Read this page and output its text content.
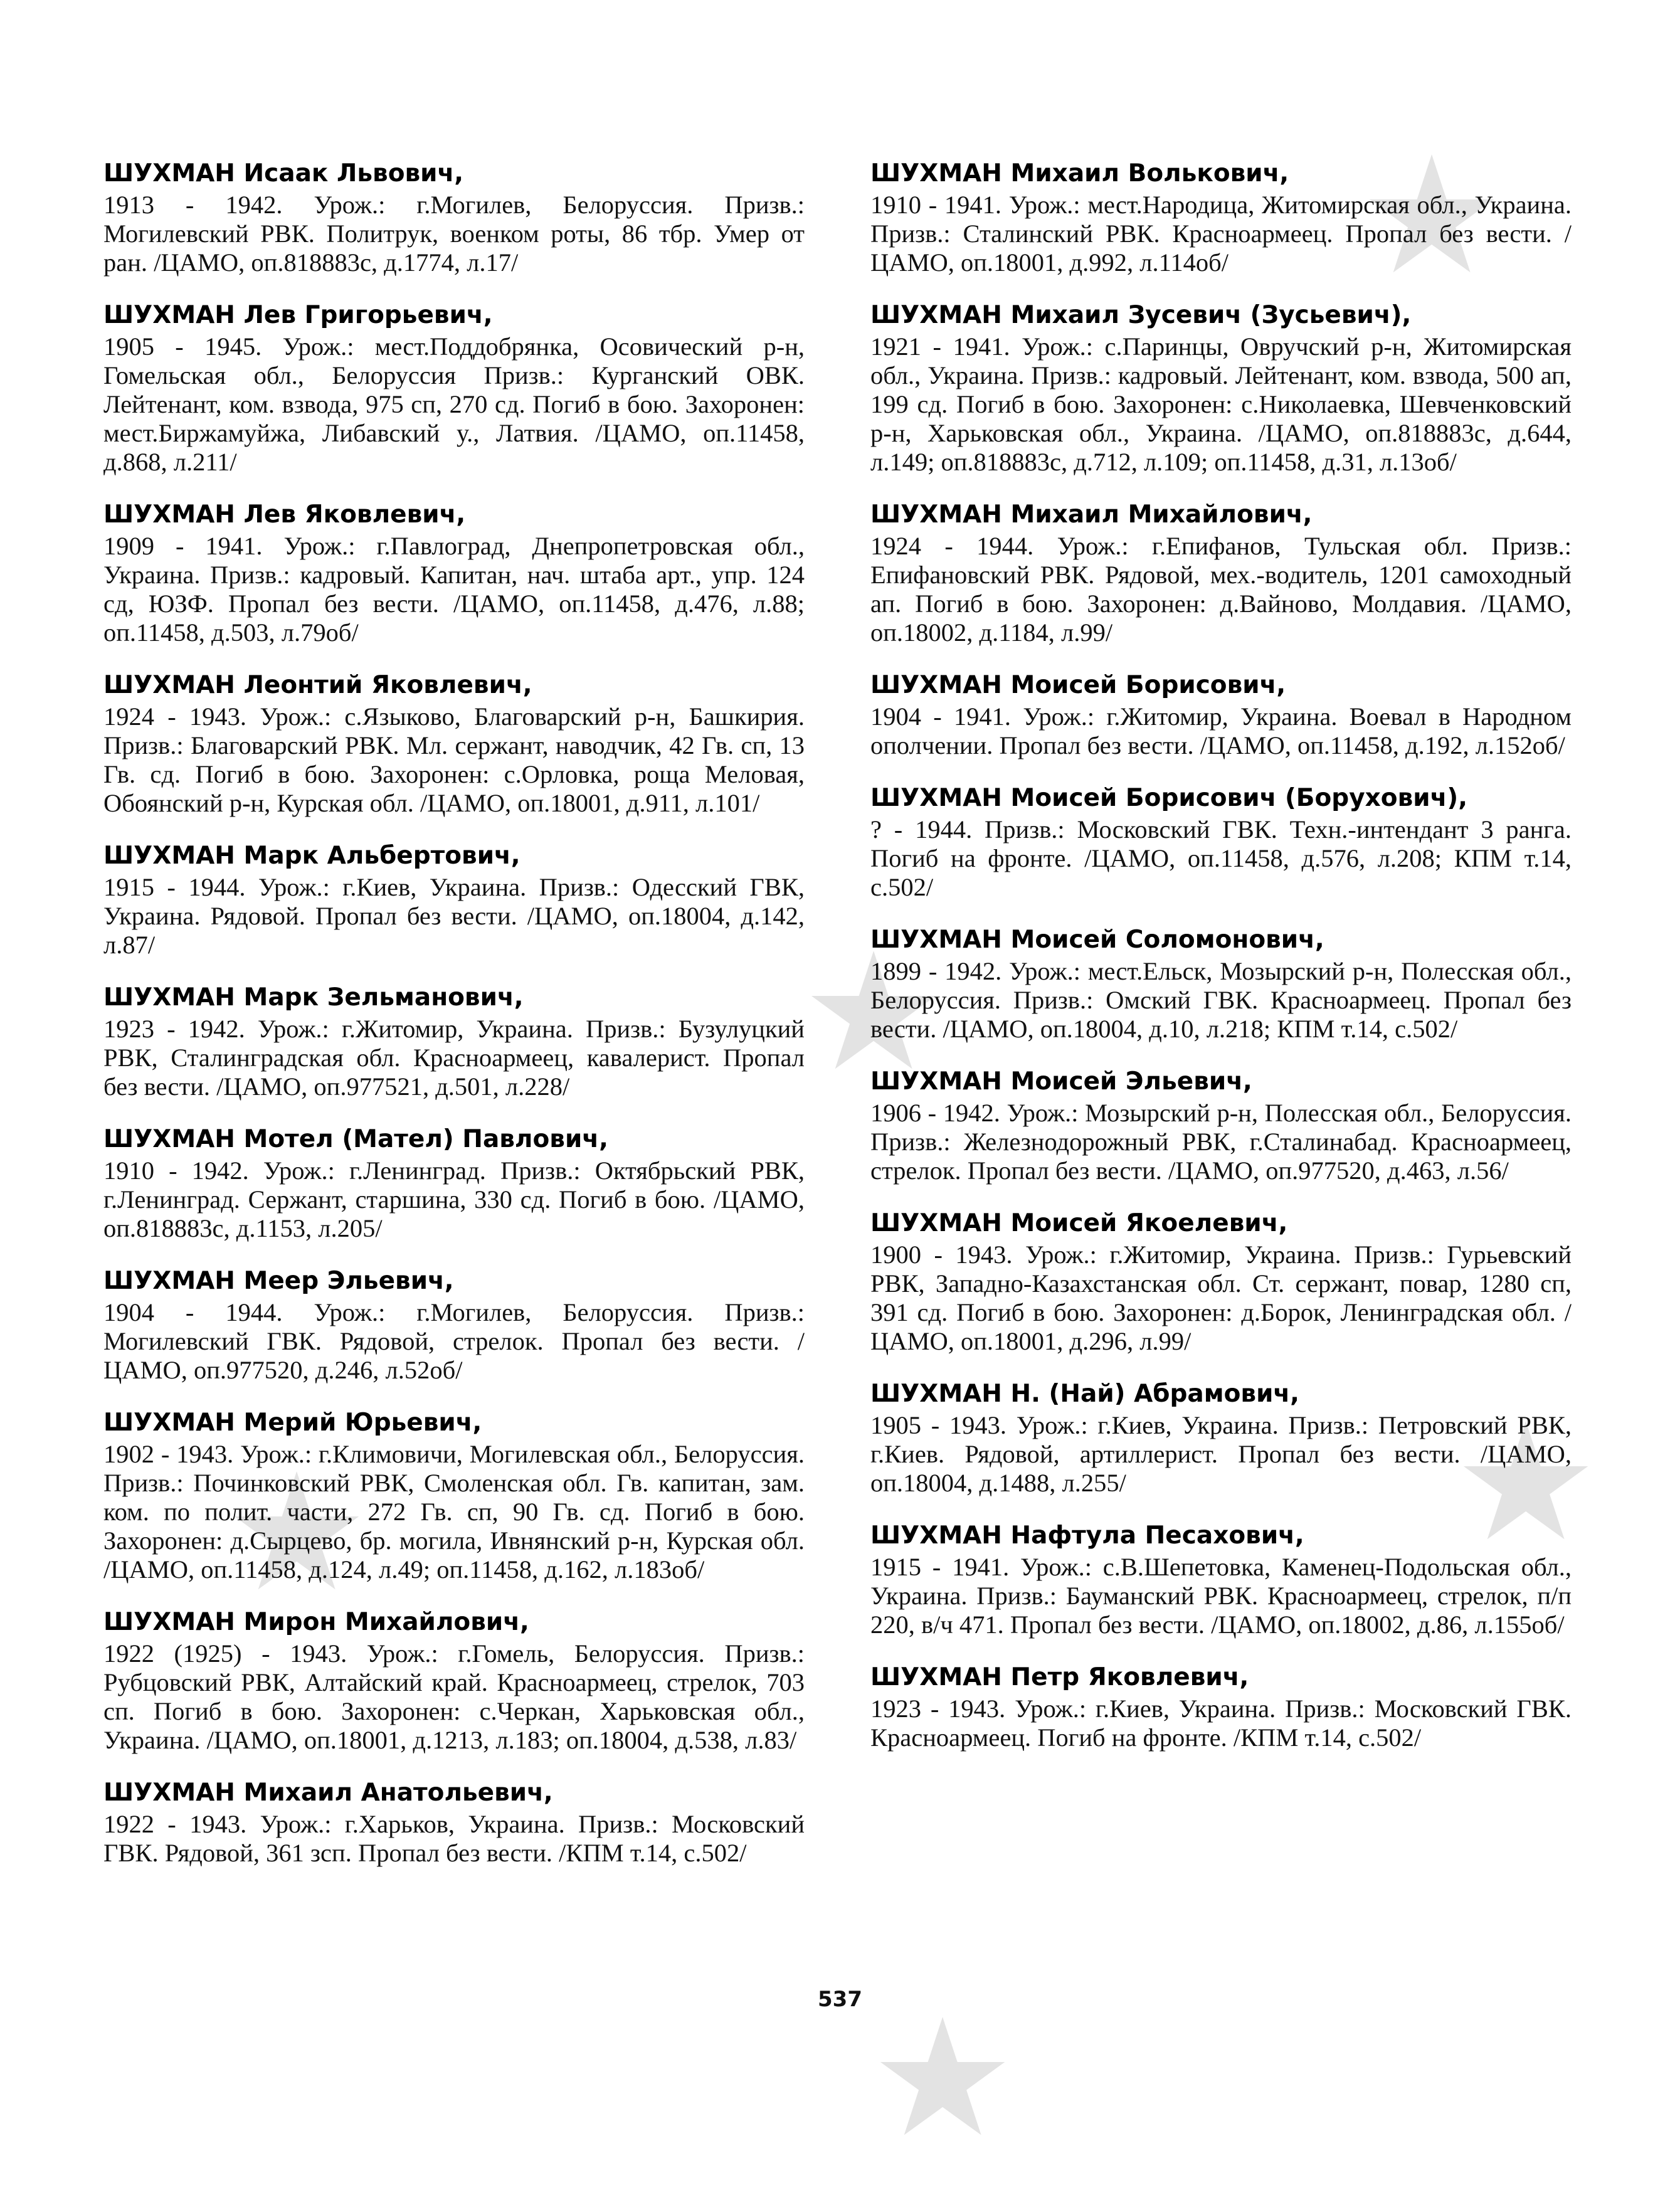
★
★
★	★
★
ШУХМАН Исаак Львович,
1913 - 1942. Урож.: г.Могилев, Белоруссия. Призв.: Могилевский РВК. Политрук, военком роты, 86 тбр. Умер от ран. /ЦАМО, оп.818883с, д.1774, л.17/
ШУХМАН Лев Григорьевич,
1905 - 1945. Урож.: мест.Поддобрянка, Осовичеcкий р-н, Гомельская обл., Белоруссия Призв.: Курганский ОВК. Лейтенант, ком. взвода, 975 сп, 270 сд. Погиб в бою. Захоронен: мест.Биржамуйжа, Либавский у., Латвия. /ЦАМО, оп.11458, д.868, л.211/
ШУХМАН Лев Яковлевич,
1909 - 1941. Урож.: г.Павлоград, Днепропетровская обл., Украина. Призв.: кадровый. Капитан, нач. штаба арт., упр. 124 сд, ЮЗФ. Пропал без вести. /ЦАМО, оп.11458, д.476, л.88; оп.11458, д.503, л.79об/
ШУХМАН Леонтий Яковлевич,
1924 - 1943. Урож.: с.Языково, Благоварский р-н, Башкирия. Призв.: Благоварский РВК. Мл. сержант, наводчик, 42 Гв. сп, 13 Гв. сд. Погиб в бою. Захоронен: с.Орловка, роща Меловая, Обоянский р-н, Курская обл. /ЦАМО, оп.18001, д.911, л.101/
ШУХМАН Марк Альбертович,
1915 - 1944. Урож.: г.Киев, Украина. Призв.: Одесский ГВК, Украина. Рядовой. Пропал без вести. /ЦАМО, оп.18004, д.142, л.87/
ШУХМАН Марк Зельманович,
1923 - 1942. Урож.: г.Житомир, Украина. Призв.: Бузулуцкий РВК, Сталинградская обл. Красноармеец, кавалерист. Пропал без вести. /ЦАМО, оп.977521, д.501, л.228/
ШУХМАН Мотел (Мател) Павлович,
1910 - 1942. Урож.: г.Ленинград. Призв.: Октябрьский РВК, г.Ленинград. Сержант, старшина, 330 сд. Погиб в бою. /ЦАМО, оп.818883с, д.1153, л.205/
ШУХМАН Меер Эльевич,
1904 - 1944. Урож.: г.Могилев, Белоруссия. Призв.: Могилевский ГВК. Рядовой, стрелок. Пропал без вести. /ЦАМО, оп.977520, д.246, л.52об/
ШУХМАН Мерий Юрьевич,
1902 - 1943. Урож.: г.Климовичи, Могилевская обл., Белоруссия. Призв.: Починковский РВК, Смоленская обл. Гв. капитан, зам. ком. по полит. части, 272 Гв. сп, 90 Гв. сд. Погиб в бою. Захоронен: д.Сырцево, бр. могила, Ивнянский р-н, Курская обл. /ЦАМО, оп.11458, д.124, л.49; оп.11458, д.162, л.183об/
ШУХМАН Мирон Михайлович,
1922 (1925) - 1943. Урож.: г.Гомель, Белоруссия. Призв.: Рубцовский РВК, Алтайский край. Красноармеец, стрелок, 703 сп. Погиб в бою. Захоронен: с.Черкан, Харьковская обл., Украина. /ЦАМО, оп.18001, д.1213, л.183; оп.18004, д.538, л.83/
ШУХМАН Михаил Анатольевич,
1922 - 1943. Урож.: г.Харьков, Украина. Призв.: Московский ГВК. Рядовой, 361 зсп. Пропал без вести. /КПМ т.14, с.502/
ШУХМАН Михаил Волькович,
1910 - 1941. Урож.: мест.Народица, Житомирская обл., Украина. Призв.: Сталинский РВК. Красноармеец. Пропал без вести. /ЦАМО, оп.18001, д.992, л.114об/
ШУХМАН Михаил Зусевич (Зусьевич),
1921 - 1941. Урож.: с.Паринцы, Овручский р-н, Житомирская обл., Украина. Призв.: кадровый. Лейтенант, ком. взвода, 500 ап, 199 сд. Погиб в бою. Захоронен: с.Николаевка, Шевченковский р-н, Харьковская обл., Украина. /ЦАМО, оп.818883с, д.644, л.149; оп.818883с, д.712, л.109; оп.11458, д.31, л.13об/
ШУХМАН Михаил Михайлович,
1924 - 1944. Урож.: г.Епифанов, Тульская обл. Призв.: Епифановский РВК. Рядовой, мех.-водитель, 1201 самоходный ап. Погиб в бою. Захоронен: д.Вайново, Молдавия. /ЦАМО, оп.18002, д.1184, л.99/
ШУХМАН Моисей Борисович,
1904 - 1941. Урож.: г.Житомир, Украина. Воевал в Народном ополчении. Пропал без вести. /ЦАМО, оп.11458, д.192, л.152об/
ШУХМАН Моисей Борисович (Борухович),
? - 1944. Призв.: Московский ГВК. Техн.-интендант 3 ранга. Погиб на фронте. /ЦАМО, оп.11458, д.576, л.208; КПМ т.14, с.502/
ШУХМАН Моисей Соломонович,
1899 - 1942. Урож.: мест.Ельск, Мозырский р-н, Полесская обл., Белоруссия. Призв.: Омский ГВК. Красноармеец. Пропал без вести. /ЦАМО, оп.18004, д.10, л.218; КПМ т.14, с.502/
ШУХМАН Моисей Эльевич,
1906 - 1942. Урож.: Мозырский р-н, Полесская обл., Белоруссия. Призв.: Железнодорожный РВК, г.Сталинабад. Красноармеец, стрелок. Пропал без вести. /ЦАМО, оп.977520, д.463, л.56/
ШУХМАН Моисей Якоелевич,
1900 - 1943. Урож.: г.Житомир, Украина. Призв.: Гурьевский РВК, Западно-Казахстанская обл. Ст. сержант, повар, 1280 сп, 391 сд. Погиб в бою. Захоронен: д.Борок, Ленинградская обл. /ЦАМО, оп.18001, д.296, л.99/
ШУХМАН Н. (Най) Абрамович,
1905 - 1943. Урож.: г.Киев, Украина. Призв.: Петровский РВК, г.Киев. Рядовой, артиллерист. Пропал без вести. /ЦАМО, оп.18004, д.1488, л.255/
ШУХМАН Нафтула Песахович,
1915 - 1941. Урож.: с.В.Шепетовка, Каменец-Подольская обл., Украина. Призв.: Бауманский РВК. Красноармеец, стрелок, п/п 220, в/ч 471. Пропал без вести. /ЦАМО, оп.18002, д.86, л.155об/
ШУХМАН Петр Яковлевич,
1923 - 1943. Урож.: г.Киев, Украина. Призв.: Московский ГВК. Красноармеец. Погиб на фронте. /КПМ т.14, с.502/
537
